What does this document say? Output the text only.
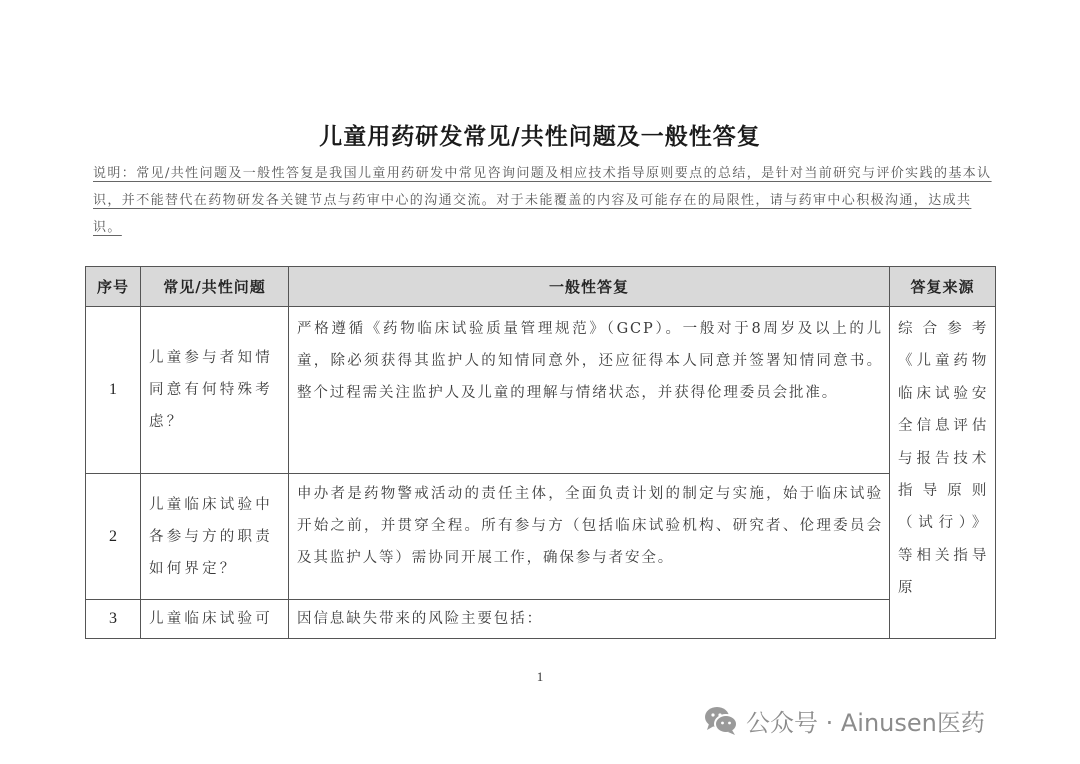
儿童用药研发常见/共性问题及一般性答复
说明：常见/共性问题及一般性答复是我国儿童用药研发中常见咨询问题及相应技术指导原则要点的总结，是针对当前研究与评价实践的基本认识，并不能替代在药物研发各关键节点与药审中心的沟通交流。对于未能覆盖的内容及可能存在的局限性，请与药审中心积极沟通，达成共识。
序号	常见/共性问题	一般性答复	答复来源
1	儿童参与者知情同意有何特殊考虑？	严格遵循《药物临床试验质量管理规范》（GCP）。一般对于8周岁及以上的儿童，除必须获得其监护人的知情同意外，还应征得本人同意并签署知情同意书。整个过程需关注监护人及儿童的理解与情绪状态，并获得伦理委员会批准。	综合参考《儿童药物临床试验安全信息评估与报告技术指导原则（试行）》等相关指导原
2	儿童临床试验中各参与方的职责如何界定？	申办者是药物警戒活动的责任主体，全面负责计划的制定与实施，始于临床试验开始之前，并贯穿全程。所有参与方（包括临床试验机构、研究者、伦理委员会及其监护人等）需协同开展工作，确保参与者安全。	
3	儿童临床试验可	因信息缺失带来的风险主要包括：	
1
公众号 · Ainusen医药
